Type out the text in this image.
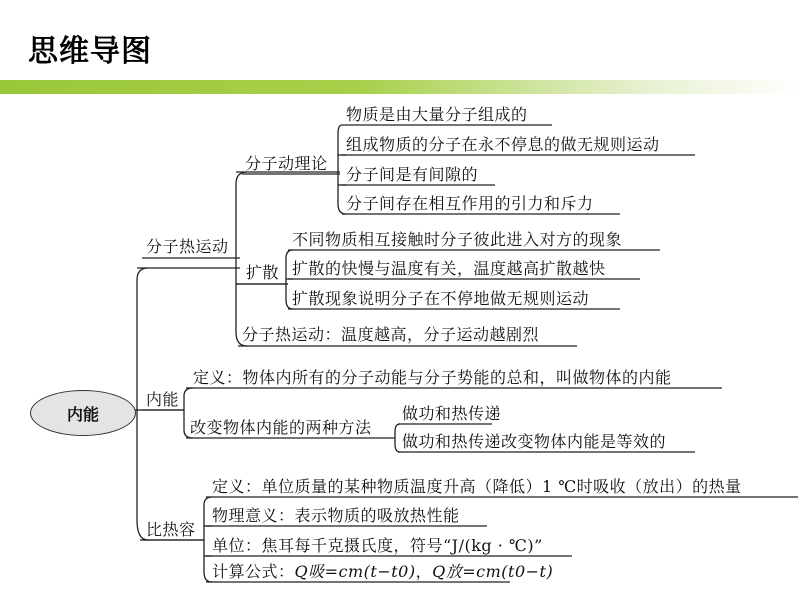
思维导图
内能
分子热运动
分子动理论
物质是由大量分子组成的
组成物质的分子在永不停息的做无规则运动
分子间是有间隙的
分子间存在相互作用的引力和斥力
扩散
不同物质相互接触时分子彼此进入对方的现象
扩散的快慢与温度有关，温度越高扩散越快
扩散现象说明分子在不停地做无规则运动
分子热运动：温度越高，分子运动越剧烈
内能
定义：物体内所有的分子动能与分子势能的总和，叫做物体的内能
改变物体内能的两种方法
做功和热传递
做功和热传递改变物体内能是等效的
比热容
定义：单位质量的某种物质温度升高（降低）1 ℃时吸收（放出）的热量
物理意义：表示物质的吸放热性能
单位：焦耳每千克摄氏度，符号“J/(kg · ℃)”
计算公式：Q吸=cm(t−t0)，Q放=cm(t0−t)
